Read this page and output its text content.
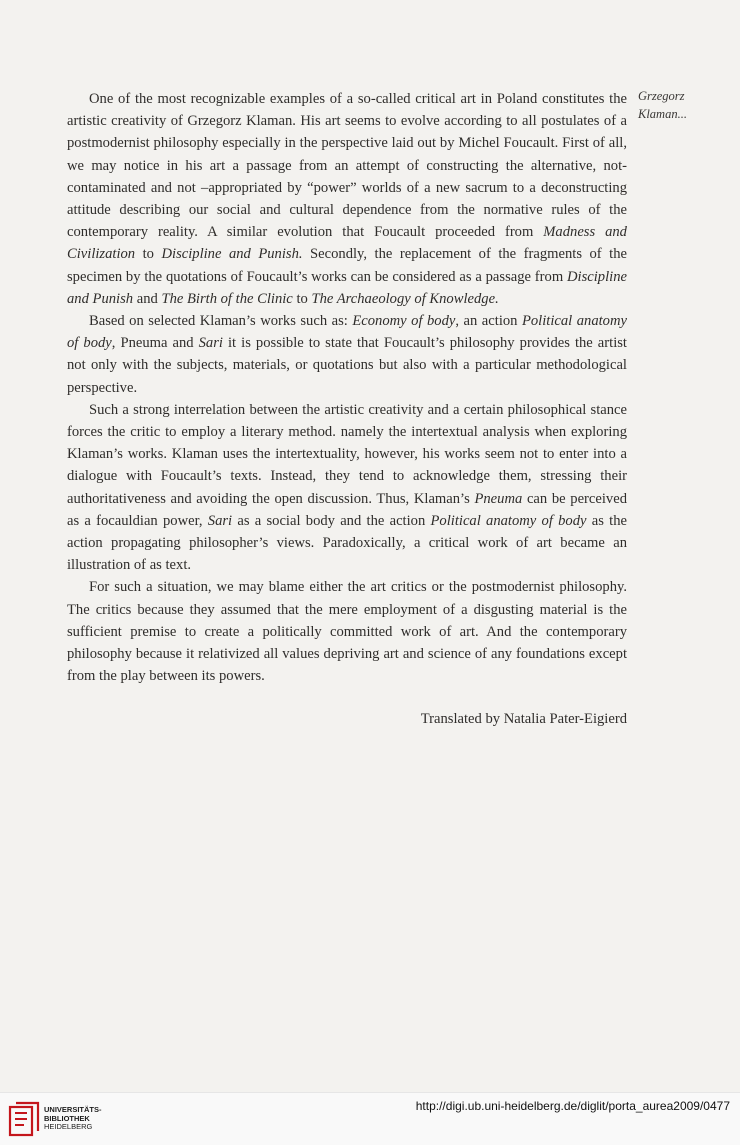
Grzegorz
Klaman...

One of the most recognizable examples of a so-called critical art in Poland constitutes the artistic creativity of Grzegorz Klaman. His art seems to evolve according to all postulates of a postmodernist philosophy especially in the perspective laid out by Michel Foucault. First of all, we may notice in his art a passage from an attempt of constructing the alternative, not-contaminated and not –appropriated by “power” worlds of a new sacrum to a deconstructing attitude describing our social and cultural dependence from the normative rules of the contemporary reality. A similar evolution that Foucault proceeded from Madness and Civilization to Discipline and Punish. Secondly, the replacement of the fragments of the specimen by the quotations of Foucault’s works can be considered as a passage from Discipline and Punish and The Birth of the Clinic to The Archaeology of Knowledge.

Based on selected Klaman’s works such as: Economy of body, an action Political anatomy of body, Pneuma and Sari it is possible to state that Foucault’s philosophy provides the artist not only with the subjects, materials, or quotations but also with a particular methodological perspective.

Such a strong interrelation between the artistic creativity and a certain philosophical stance forces the critic to employ a literary method. namely the intertextual analysis when exploring Klaman’s works. Klaman uses the intertextuality, however, his works seem not to enter into a dialogue with Foucault’s texts. Instead, they tend to acknowledge them, stressing their authoritativeness and avoiding the open discussion. Thus, Klaman’s Pneuma can be perceived as a focauldian power, Sari as a social body and the action Political anatomy of body as the action propagating philosopher’s views. Paradoxically, a critical work of art became an illustration of as text.

For such a situation, we may blame either the art critics or the postmodernist philosophy. The critics because they assumed that the mere employment of a disgusting material is the sufficient premise to create a politically committed work of art. And the contemporary philosophy because it relativized all values depriving art and science of any foundations except from the play between its powers.

Translated by Natalia Pater-Eigierd
UNIVERSITÄTS-
BIBLIOTHEK
HEIDELBERG
http://digi.ub.uni-heidelberg.de/diglit/porta_aurea2009/0477
